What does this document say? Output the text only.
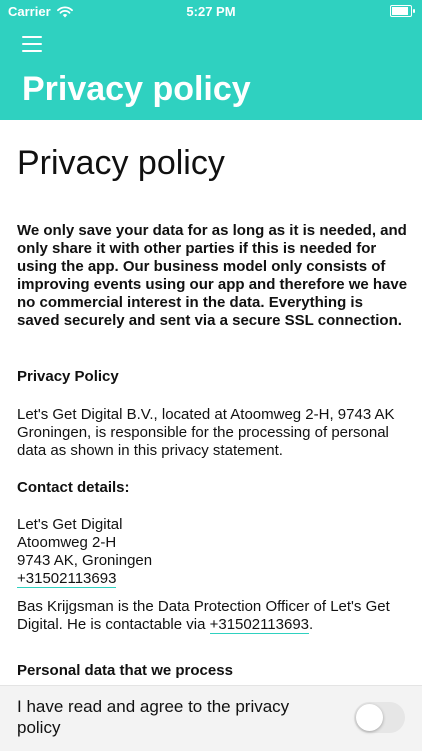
Carrier	5:27 PM
Privacy policy
Privacy policy
We only save your data for as long as it is needed, and only share it with other parties if this is needed for using the app. Our business model only consists of improving events using our app and therefore we have no commercial interest in the data. Everything is saved securely and sent via a secure SSL connection.
Privacy Policy
Let's Get Digital B.V., located at Atoomweg 2-H, 9743 AK Groningen, is responsible for the processing of personal data as shown in this privacy statement.
Contact details:
Let's Get Digital
Atoomweg 2-H
9743 AK, Groningen
+31502113693
Bas Krijgsman is the Data Protection Officer of Let's Get Digital. He is contactable via +31502113693.
Personal data that we process
I have read and agree to the privacy policy
